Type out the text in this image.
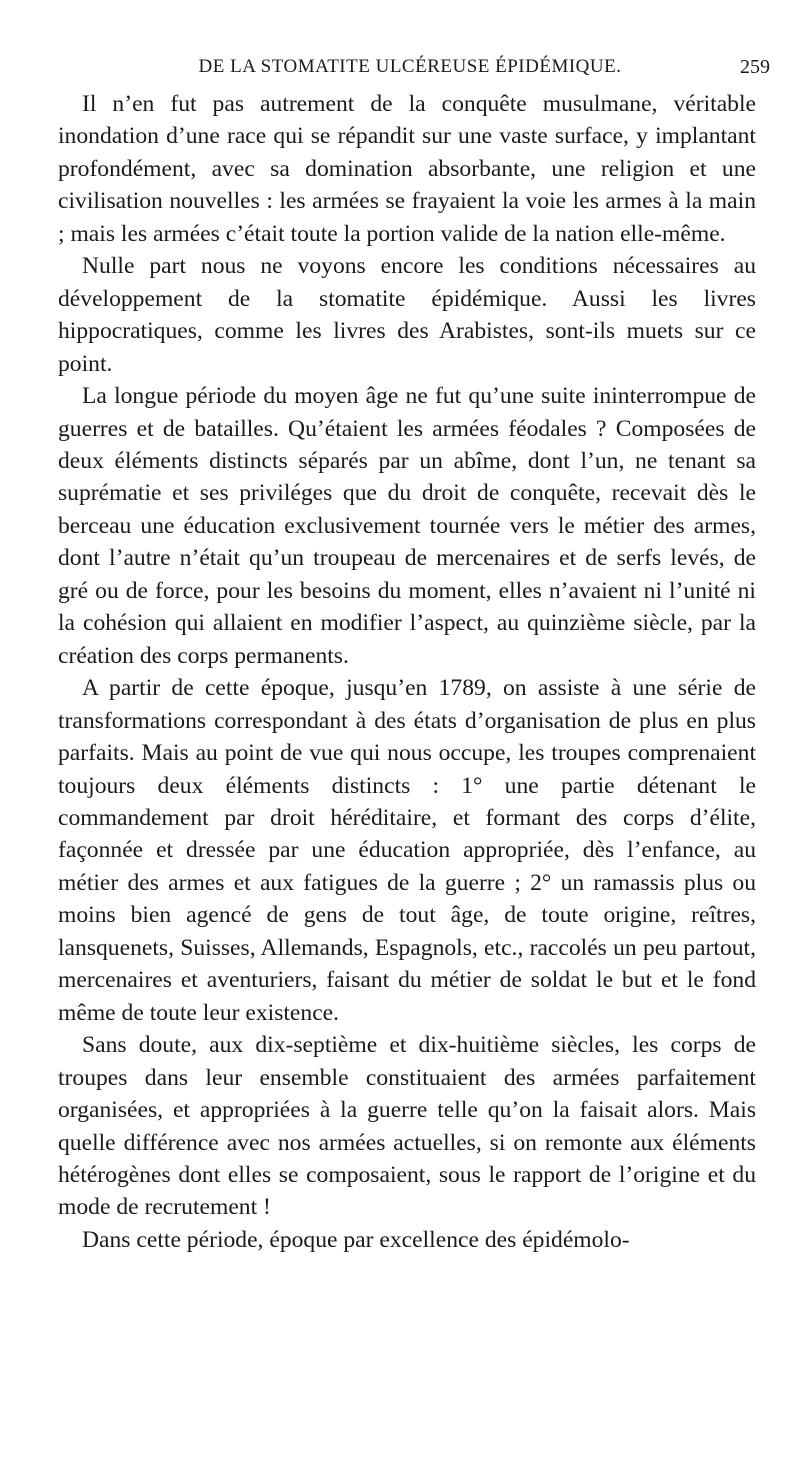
DE LA STOMATITE ULCÉREUSE ÉPIDÉMIQUE.	259

Il n’en fut pas autrement de la conquête musulmane, véritable inondation d’une race qui se répandit sur une vaste surface, y implantant profondément, avec sa domination absorbante, une religion et une civilisation nouvelles : les armées se frayaient la voie les armes à la main ; mais les armées c’était toute la portion valide de la nation elle-même.

Nulle part nous ne voyons encore les conditions nécessaires au développement de la stomatite épidémique. Aussi les livres hippocratiques, comme les livres des Arabistes, sont-ils muets sur ce point.

La longue période du moyen âge ne fut qu’une suite ininterrompue de guerres et de batailles. Qu’étaient les armées féodales ? Composées de deux éléments distincts séparés par un abîme, dont l’un, ne tenant sa suprématie et ses priviléges que du droit de conquête, recevait dès le berceau une éducation exclusivement tournée vers le métier des armes, dont l’autre n’était qu’un troupeau de mercenaires et de serfs levés, de gré ou de force, pour les besoins du moment, elles n’avaient ni l’unité ni la cohésion qui allaient en modifier l’aspect, au quinzième siècle, par la création des corps permanents.

A partir de cette époque, jusqu’en 1789, on assiste à une série de transformations correspondant à des états d’organisation de plus en plus parfaits. Mais au point de vue qui nous occupe, les troupes comprenaient toujours deux éléments distincts : 1° une partie détenant le commandement par droit héréditaire, et formant des corps d’élite, façonnée et dressée par une éducation appropriée, dès l’enfance, au métier des armes et aux fatigues de la guerre ; 2° un ramassis plus ou moins bien agencé de gens de tout âge, de toute origine, reîtres, lansquenets, Suisses, Allemands, Espagnols, etc., raccolés un peu partout, mercenaires et aventuriers, faisant du métier de soldat le but et le fond même de toute leur existence.

Sans doute, aux dix-septième et dix-huitième siècles, les corps de troupes dans leur ensemble constituaient des armées parfaitement organisées, et appropriées à la guerre telle qu’on la faisait alors. Mais quelle différence avec nos armées actuelles, si on remonte aux éléments hétérogènes dont elles se composaient, sous le rapport de l’origine et du mode de recrutement !

Dans cette période, époque par excellence des épidémolo-
